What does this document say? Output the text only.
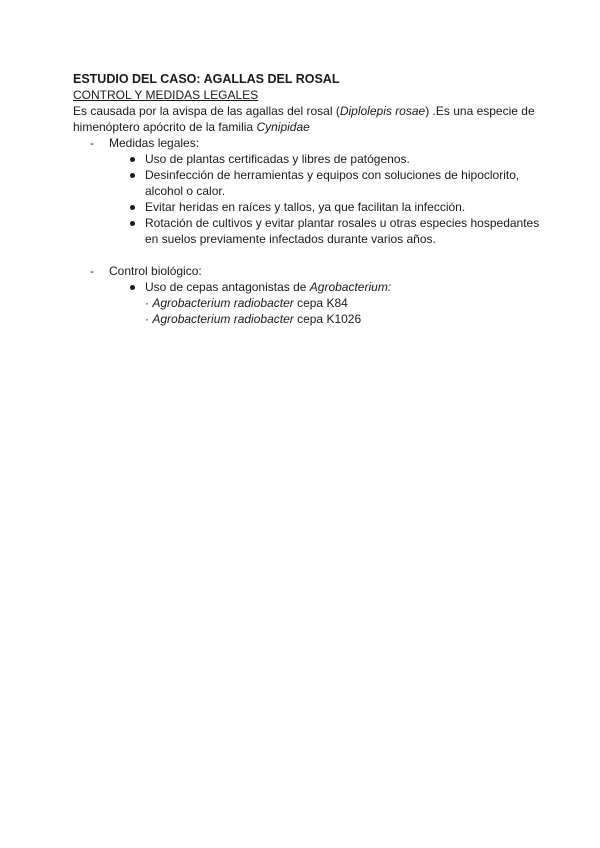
ESTUDIO DEL CASO: AGALLAS DEL ROSAL

CONTROL Y MEDIDAS LEGALES

Es causada por la avispa de las agallas del rosal (Diplolepis rosae) .Es una especie de himenóptero apócrito de la familia Cynipidae

- Medidas legales:
Uso de plantas certificadas y libres de patógenos.
Desinfección de herramientas y equipos con soluciones de hipoclorito, alcohol o calor.
Evitar heridas en raíces y tallos, ya que facilitan la infección.
Rotación de cultivos y evitar plantar rosales u otras especies hospedantes en suelos previamente infectados durante varios años.
- Control biológico:
Uso de cepas antagonistas de Agrobacterium:
· Agrobacterium radiobacter cepa K84
· Agrobacterium radiobacter cepa K1026
